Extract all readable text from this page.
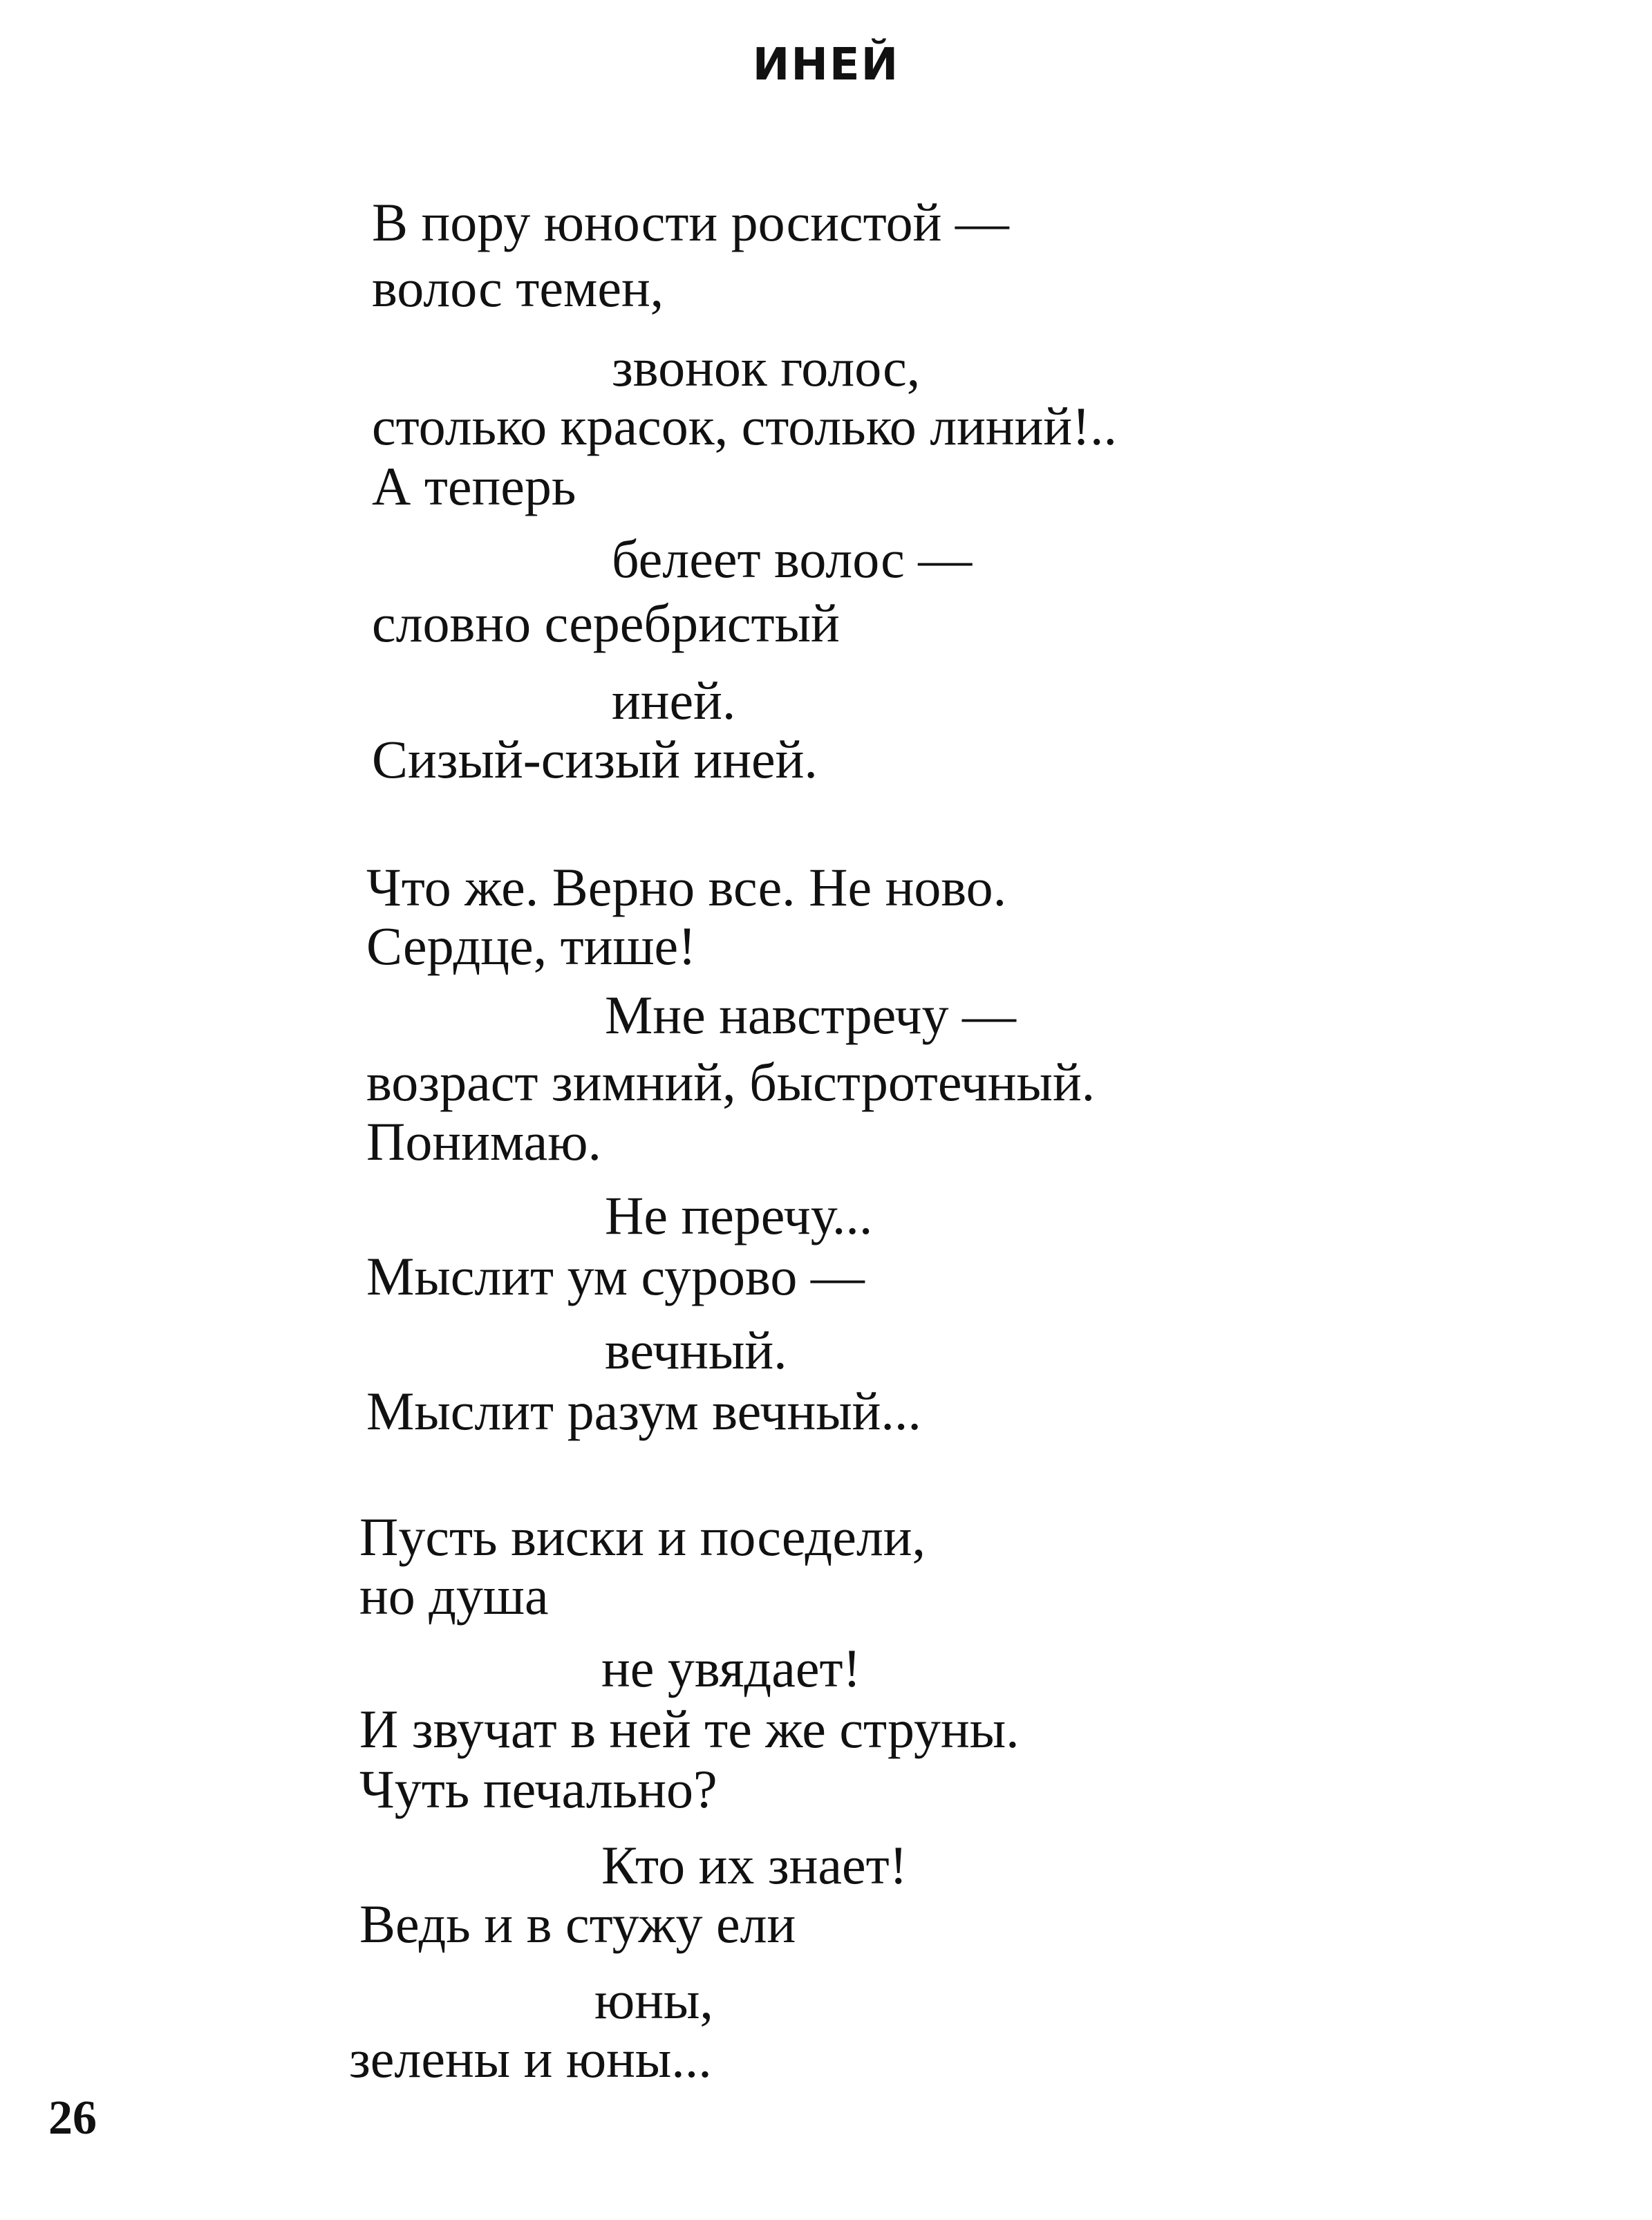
ИНЕЙ
В пору юности росистой —
волос темен,
звонок голос,
столько красок, столько линий!..
А теперь
белеет волос —
словно серебристый
иней.
Сизый-сизый иней.
Что же. Верно все. Не ново.
Сердце, тише!
Мне навстречу —
возраст зимний, быстротечный.
Понимаю.
Не перечу...
Мыслит ум сурово —
вечный.
Мыслит разум вечный...
Пусть виски и поседели,
но душа
не увядает!
И звучат в ней те же струны.
Чуть печально?
Кто их знает!
Ведь и в стужу ели
юны,
зелены и юны...
26
